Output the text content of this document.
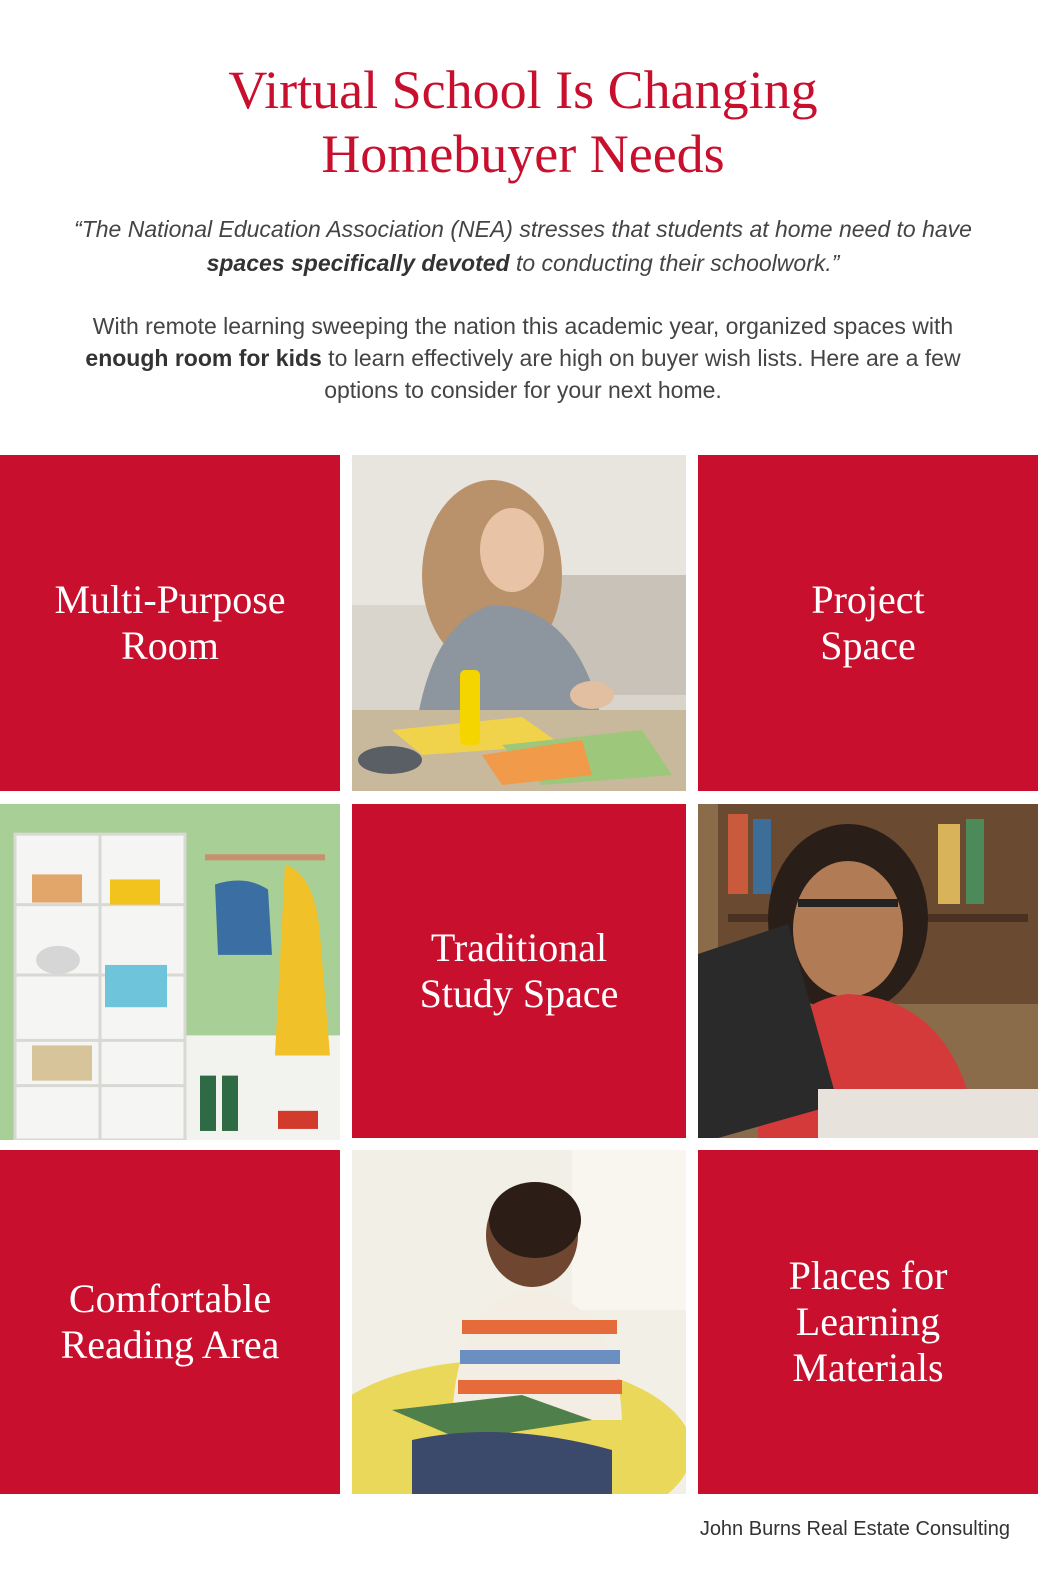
Virtual School Is Changing
Homebuyer Needs

“The National Education Association (NEA) stresses that students at home need to have spaces specifically devoted to conducting their schoolwork.”

With remote learning sweeping the nation this academic year, organized spaces with enough room for kids to learn effectively are high on buyer wish lists. Here are a few options to consider for your next home.

Multi-Purpose
Room
Project
Space
Traditional
Study Space
Comfortable
Reading Area
Places for
Learning
Materials
John Burns Real Estate Consulting
